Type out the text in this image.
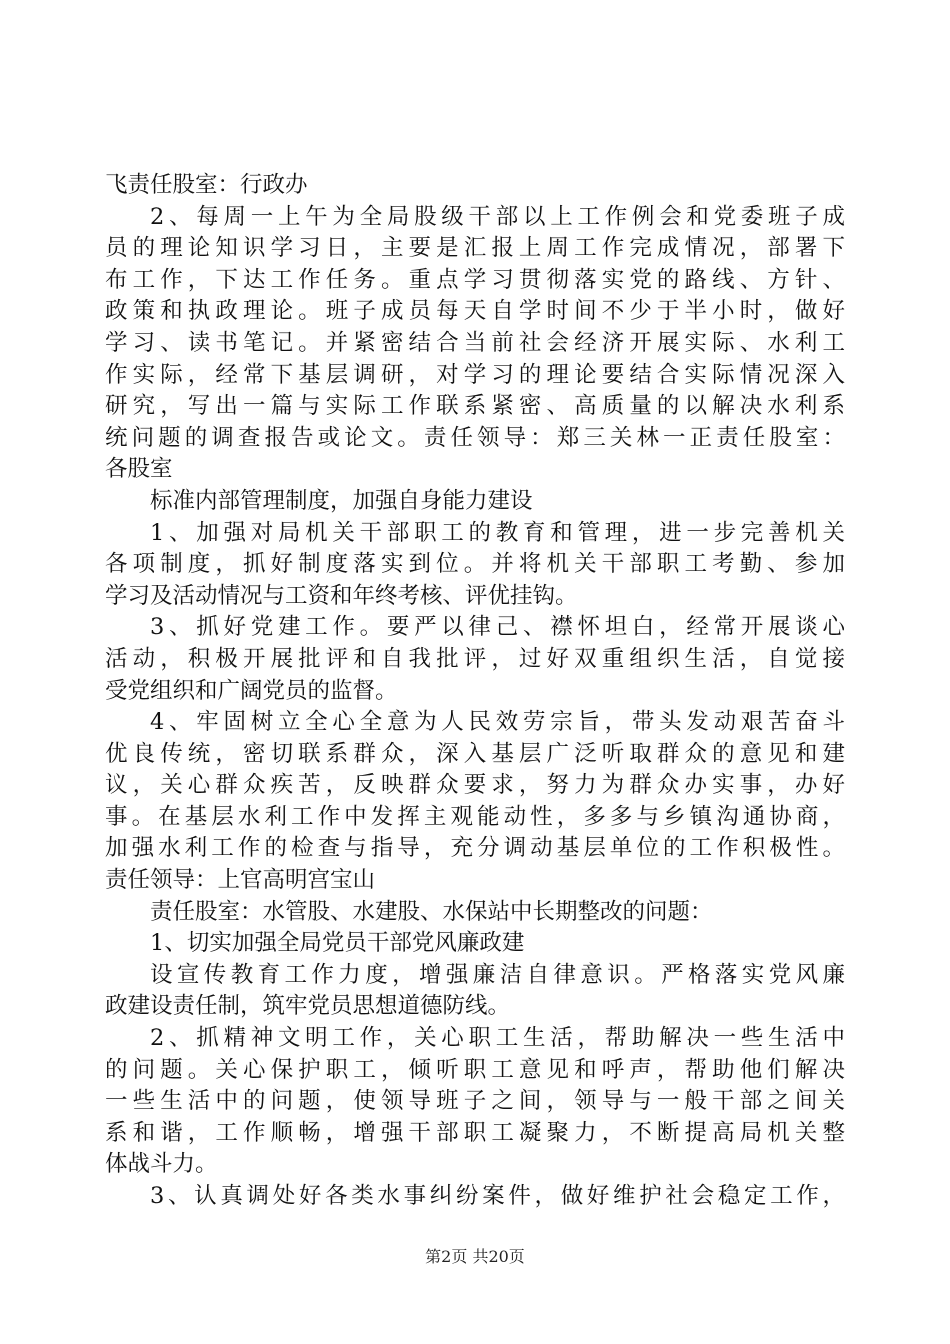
飞责任股室：行政办
2、每周一上午为全局股级干部以上工作例会和党委班子成
员的理论知识学习日，主要是汇报上周工作完成情况，部署下
布工作，下达工作任务。重点学习贯彻落实党的路线、方针、
政策和执政理论。班子成员每天自学时间不少于半小时，做好
学习、读书笔记。并紧密结合当前社会经济开展实际、水利工
作实际，经常下基层调研，对学习的理论要结合实际情况深入
研究，写出一篇与实际工作联系紧密、高质量的以解决水利系
统问题的调查报告或论文。责任领导：郑三关林一正责任股室：
各股室
标准内部管理制度，加强自身能力建设
1、加强对局机关干部职工的教育和管理，进一步完善机关
各项制度，抓好制度落实到位。并将机关干部职工考勤、参加
学习及活动情况与工资和年终考核、评优挂钩。
3、抓好党建工作。要严以律己、襟怀坦白，经常开展谈心
活动，积极开展批评和自我批评，过好双重组织生活，自觉接
受党组织和广阔党员的监督。
4、牢固树立全心全意为人民效劳宗旨，带头发动艰苦奋斗
优良传统，密切联系群众，深入基层广泛听取群众的意见和建
议，关心群众疾苦，反映群众要求，努力为群众办实事，办好
事。在基层水利工作中发挥主观能动性，多多与乡镇沟通协商，
加强水利工作的检查与指导，充分调动基层单位的工作积极性。
责任领导：上官高明宫宝山
责任股室：水管股、水建股、水保站中长期整改的问题：
1、切实加强全局党员干部党风廉政建
设宣传教育工作力度，增强廉洁自律意识。严格落实党风廉
政建设责任制，筑牢党员思想道德防线。
2、抓精神文明工作，关心职工生活，帮助解决一些生活中
的问题。关心保护职工，倾听职工意见和呼声，帮助他们解决
一些生活中的问题，使领导班子之间，领导与一般干部之间关
系和谐，工作顺畅，增强干部职工凝聚力，不断提高局机关整
体战斗力。
3、认真调处好各类水事纠纷案件，做好维护社会稳定工作，
第2页 共20页
